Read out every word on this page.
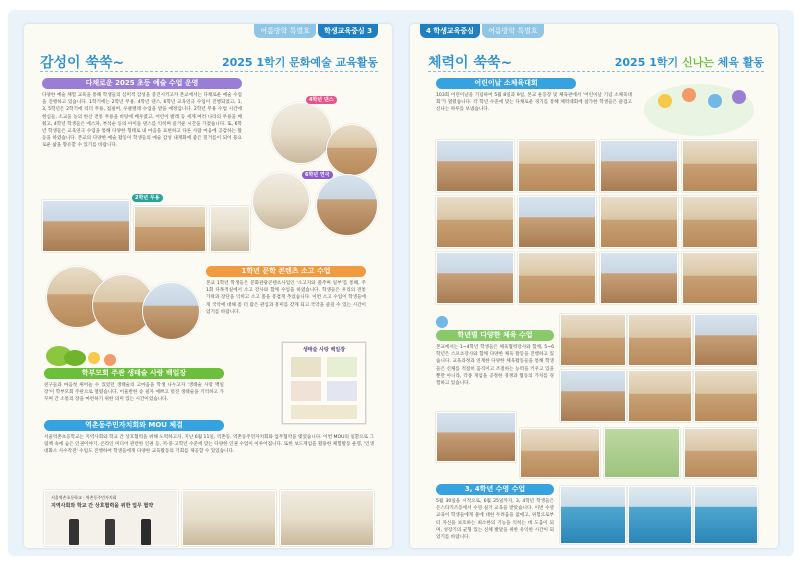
여름방학 특별호 학생교육중심 3
감성이 쑥쑥~	2025 1학기 문화예술 교육활동
다채로운 2025 초등 예술 수업 운영
다양한 예술 체험 교육을 통해 학생들의 심미적 감성을 증진시키고자 본교에서는 다채로운 예술 수업을 진행하고 있습니다. 1학기에는 2학년 무용, 4학년 댄스, 6학년 교육연극 수업이 진행되었고, 1, 3, 5학년은 2학기에 리더 무용, 집필버, 우클렐레 수업을 받을 예정입니다. 2학년 무용 수업 시간에 현심들, 소교들 농의 한산 전통 무용을 바탕에 배우였고, 어린이 발레 등 세계 여러 나라의 무용을 배웠고, 4학년 학생들은 에스파, 부석순 등의 아이돌 댄스를 익히며 즐거운 시간을 가졌습니다. 또, 6학년 학생들은 교육연극 수업을 통해 다양한 형태로 내 마음을 표현하고 다른 사람 마음에 공감하는 활동을 하였습니다. 본교의 다양한 예술 활동이 학생들의 예술 감성 내재화에 좋은 밑거름이 되어 풍요로운 삶을 향유할 수 있기를 바랍니다.
4학년 댄스
6학년 연극
2학년 무용
1학년 문학 콘텐츠 소고 수업
본교 1학년 학생들은 문화관광콘텐츠사업인 '소고지와 춤추며 일부'를 통해, 주 1회 다목적실에서 소고 강사와 함께 수업을 하였습니다. 학생들은 우리의 전통 가락과 장단을 익히고 소고 춤을 흥겹게 추었습니다. 이번 소고 수업이 학생들에게 국악에 대해 좀 더 많은 관심과 흥미를 갖게 되고 국악을 즐길 수 있는 시간이었기를 바랍니다.
학부모회 주관 생태술 사랑 백일장
친구들과 마음첫 뛰어놀 수 있었던 생태술의 고마움을 학생 나누고자 '생태술 사랑 백일장'이 학부모회 주관으로 열렸습니다. 어울반한 송 필자 예쁘고 멋진 생태술을 기억하고 가꾸며 간 소통의 장을 마련하기 위한 의미 있는 시간이었습니다.
생태술 사랑 백일장
역촌동주민자치회와 MOU 체결
서울역촌초등학교는 지역사회와 학교 간 상호협력을 위해 노력하고자, 지난 6월 11일, 역촌동, 역촌동주민자치회와 업무협약을 맺었습니다. 이번 MOU의 일환으로 그림책 속에 숨은 인권이야기, 온라인 미디어 관련한 인권 등, 저·중·고학년 수준에 맞는 다양한 인권 수업이 이루어집니다. 또한 보드게임을 활용한 체험활동 운영, '인생 대화소 사수작전' 수업도 진행하여 학생들에게 다양한 교육활동의 기회를 제공할 수 있었습니다.
서울역촌초등학교 · 역촌동주민자치회
지역사회와 학교 간 상호협력을 위한 업무 협약
4 학생교육중심 여름방학 특별호
체력이 쑥쑥~	2025 1학기 신나는 체육 활동
어린이날 소체육대회
103회 어린이날을 기념하여 5월 8일과 9일, 본교 운동장 및 체육관에서 '어린이날 기념 소체육대회'가 열렸습니다. 각 학년 수준에 맞는 다채로운 경기를 통해 체력대회에 참가한 학생들은 즐겁고 신나는 하루를 보냈습니다.
학년별 다양한 체육 수업
본교에서는 1~4학년 학생들은 체육협력강사와 함께, 5~6학년은 스포츠강사와 함께 다양한 체육 활동을 진행하고 있습니다. 교육과정과 연계한 다양한 체육활동들을 통해 학생들은 신체를 적절히 움직이고 조절하는 능력을 키우고 있을 뿐만 아니라, 각종 게임을 공정한 경쟁과 협동의 가치를 경험하고 있습니다.
3, 4학년 수영 수업
5월 30일을 시작으로, 6월 25일까지, 3, 4학년 학생들은 돈스타키즈동에서 수영 실기 교육을 받았습니다. 이번 수영 교육이 학생들에게 물에 대한 두려움을 없애고, 위험으로부터 자신을 보호하는 최소한의 기능을 익히는 데 도움이 되며, 성장기의 균형 있는 신체 발달을 위한 유익한 시간이 되었기를 바랍니다.
